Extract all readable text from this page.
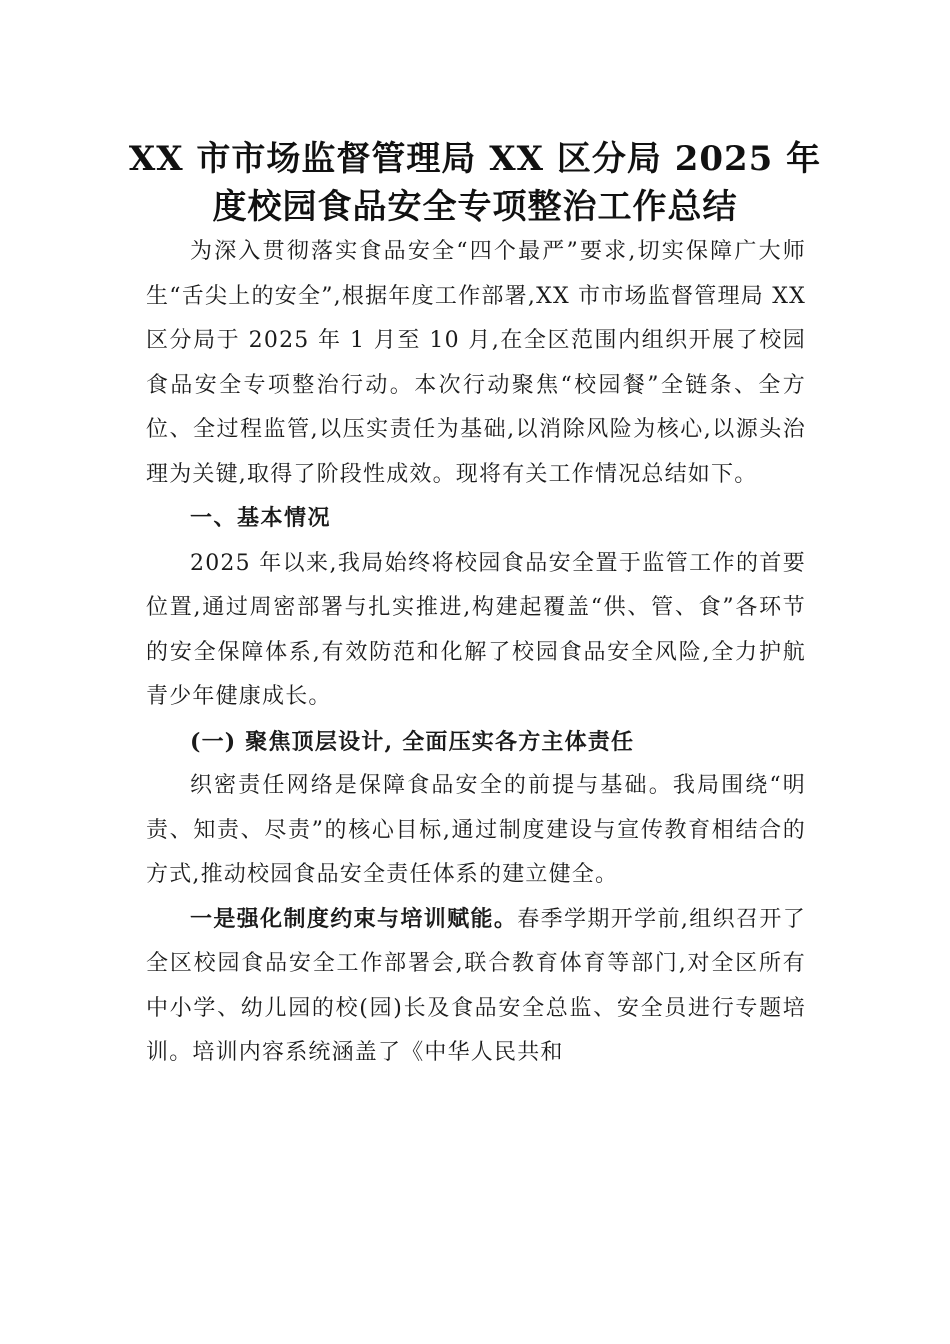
XX 市市场监督管理局 XX 区分局 2025 年
度校园食品安全专项整治工作总结

为深入贯彻落实食品安全“四个最严”要求,切实保障广大师生“舌尖上的安全”,根据年度工作部署,XX 市市场监督管理局 XX 区分局于 2025 年 1 月至 10 月,在全区范围内组织开展了校园食品安全专项整治行动。本次行动聚焦“校园餐”全链条、全方位、全过程监管,以压实责任为基础,以消除风险为核心,以源头治理为关键,取得了阶段性成效。现将有关工作情况总结如下。

一、基本情况

2025 年以来,我局始终将校园食品安全置于监管工作的首要位置,通过周密部署与扎实推进,构建起覆盖“供、管、食”各环节的安全保障体系,有效防范和化解了校园食品安全风险,全力护航青少年健康成长。

(一) 聚焦顶层设计, 全面压实各方主体责任

织密责任网络是保障食品安全的前提与基础。我局围绕“明责、知责、尽责”的核心目标,通过制度建设与宣传教育相结合的方式,推动校园食品安全责任体系的建立健全。

一是强化制度约束与培训赋能。春季学期开学前,组织召开了全区校园食品安全工作部署会,联合教育体育等部门,对全区所有中小学、幼儿园的校(园)长及食品安全总监、安全员进行专题培训。培训内容系统涵盖了《中华人民共和
